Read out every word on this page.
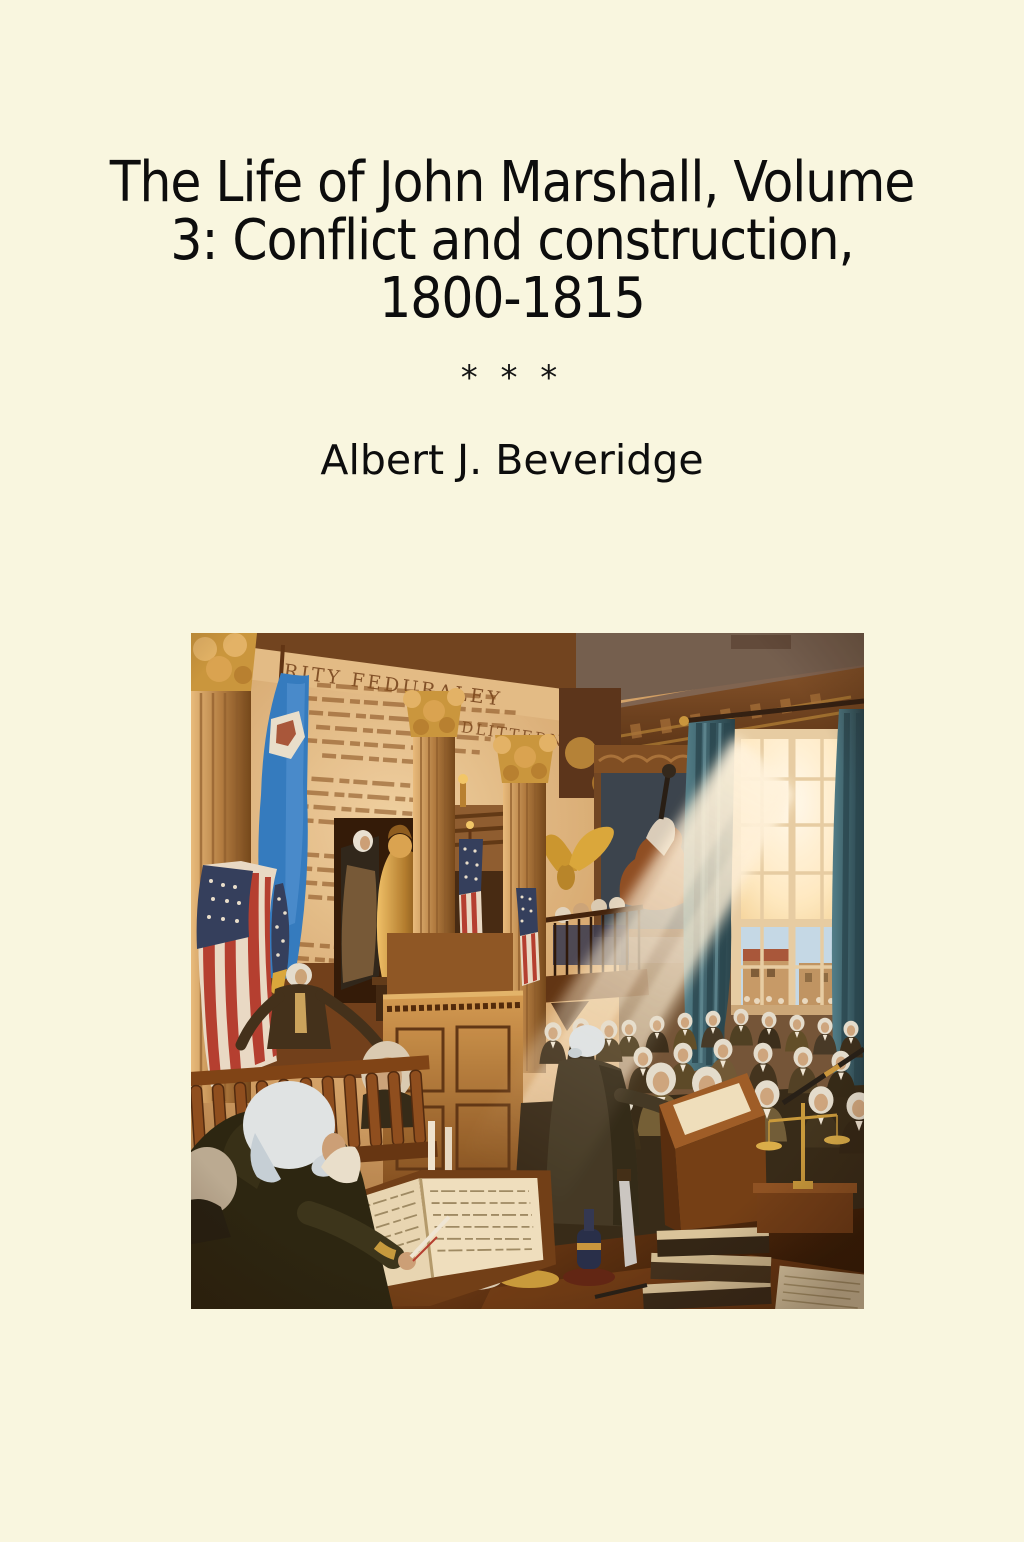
The Life of John Marshall, Volume
3: Conflict and construction,
1800-1815
* * *
Albert J. Beveridge
